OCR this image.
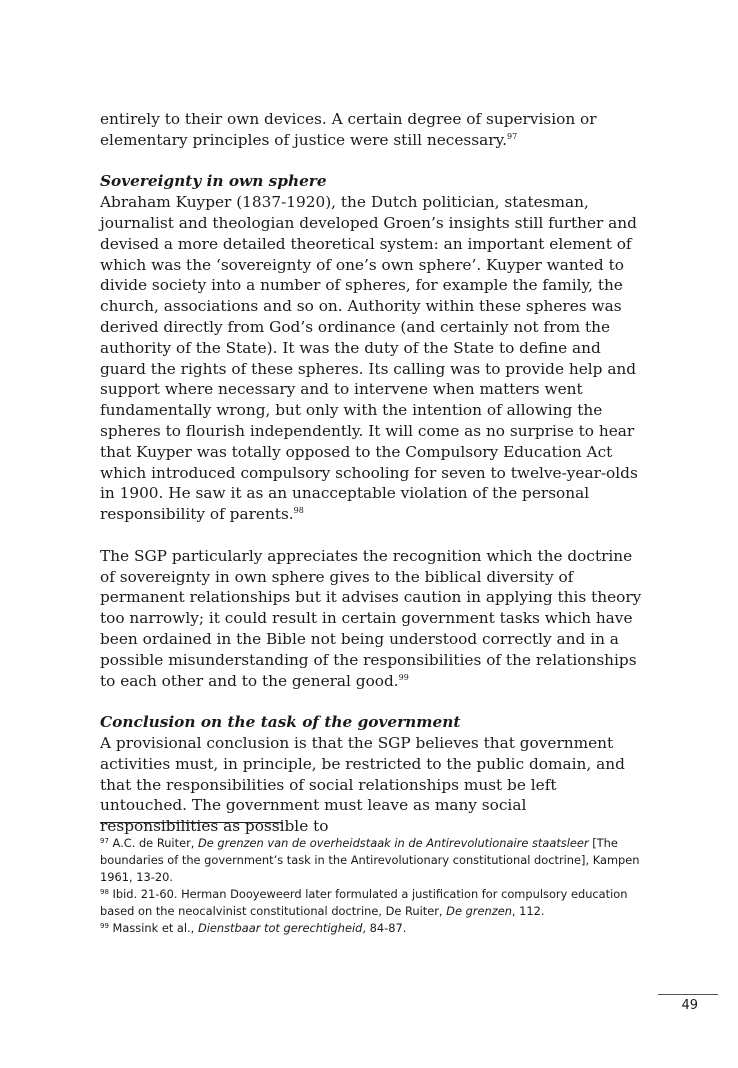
entirely to their own devices. A certain degree of supervision or elementary principles of justice were still necessary.$^{97}$

Sovereignty in own sphere

Abraham Kuyper (1837-1920), the Dutch politician, statesman, journalist and theologian developed Groen’s insights still further and devised a more detailed theoretical system: an important element of which was the ‘sovereignty of one’s own sphere’. Kuyper wanted to divide society into a number of spheres, for example the family, the church, associations and so on. Authority within these spheres was derived directly from God’s ordinance (and certainly not from the authority of the State). It was the duty of the State to define and guard the rights of these spheres. Its calling was to provide help and support where necessary and to intervene when matters went fundamentally wrong, but only with the intention of allowing the spheres to flourish independently. It will come as no surprise to hear that Kuyper was totally opposed to the Compulsory Education Act which introduced compulsory schooling for seven to twelve-year-olds in 1900. He saw it as an unacceptable violation of the personal responsibility of parents.$^{98}$

The SGP particularly appreciates the recognition which the doctrine of sovereignty in own sphere gives to the biblical diversity of permanent relationships but it advises caution in applying this theory too narrowly; it could result in certain government tasks which have been ordained in the Bible not being understood correctly and in a possible misunderstanding of the responsibilities of the relationships to each other and to the general good.$^{99}$

Conclusion on the task of the government

A provisional conclusion is that the SGP believes that government activities must, in principle, be restricted to the public domain, and that the responsibilities of social relationships must be left untouched. The government must leave as many social responsibilities as possible to

$^{97}$ A.C. de Ruiter, De grenzen van de overheidstaak in de Antirevolutionaire staatsleer [The boundaries of the government’s task in the Antirevolutionary constitutional doctrine], Kampen 1961, 13-20.

$^{98}$ Ibid. 21-60. Herman Dooyeweerd later formulated a justification for compulsory education based on the neocalvinist constitutional doctrine, De Ruiter, De grenzen, 112.

$^{99}$ Massink et al., Dienstbaar tot gerechtigheid, 84-87.

49
